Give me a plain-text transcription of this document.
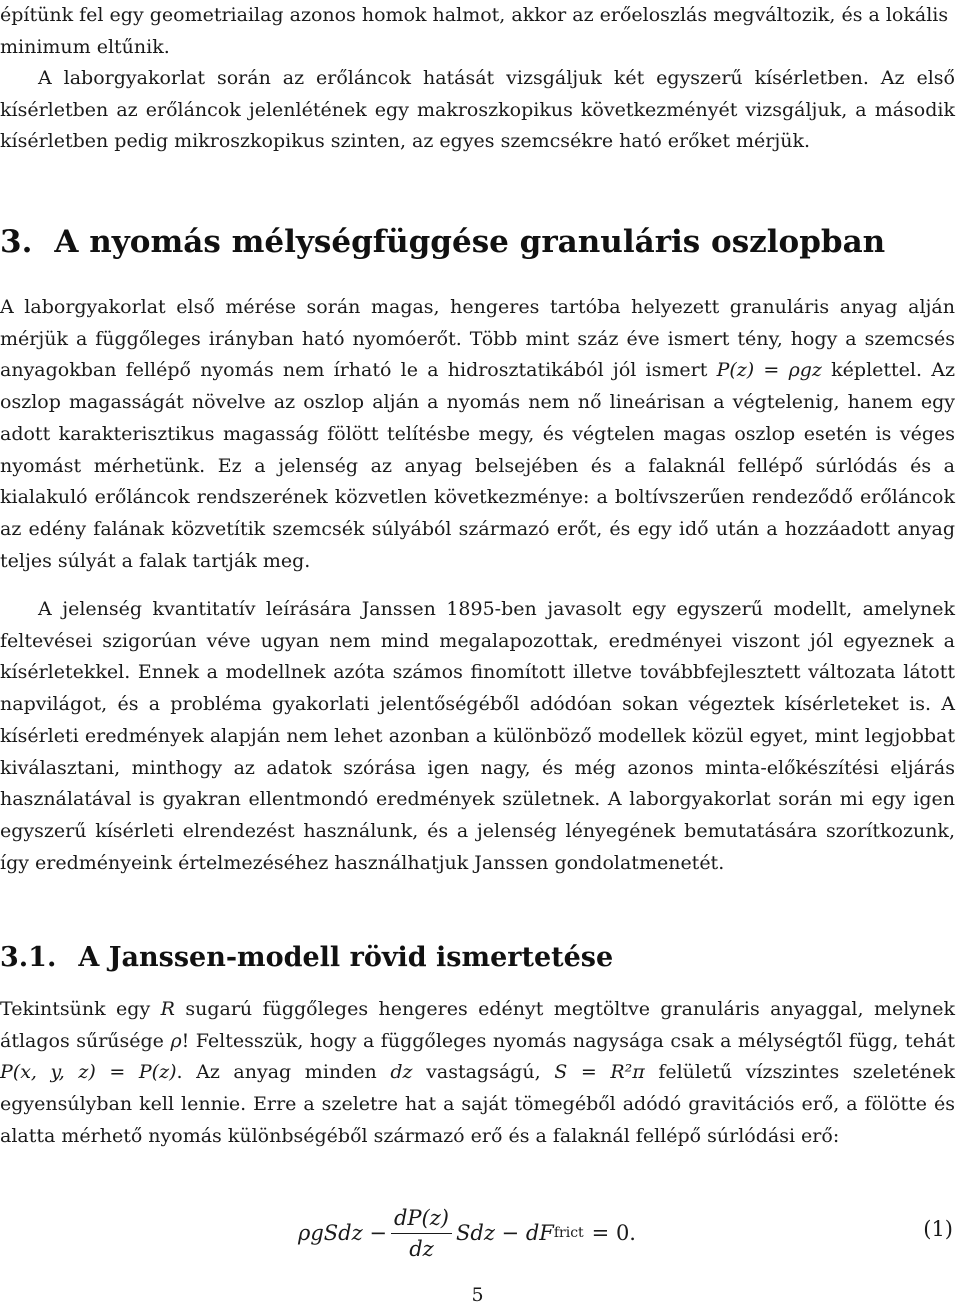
építünk fel egy geometriailag azonos homok halmot, akkor az erőeloszlás megváltozik, és a lokális minimum eltűnik.

A laborgyakorlat során az erőláncok hatását vizsgáljuk két egyszerű kísérletben. Az első kísérletben az erőláncok jelenlétének egy makroszkopikus következményét vizsgáljuk, a második kísérletben pedig mikroszkopikus szinten, az egyes szemcsékre ható erőket mérjük.

3. A nyomás mélységfüggése granuláris oszlopban

A laborgyakorlat első mérése során magas, hengeres tartóba helyezett granuláris anyag alján mérjük a függőleges irányban ható nyomóerőt. Több mint száz éve ismert tény, hogy a szemcsés anyagokban fellépő nyomás nem írható le a hidrosztatikából jól ismert P(z) = ρgz képlettel. Az oszlop magasságát növelve az oszlop alján a nyomás nem nő lineárisan a végtelenig, hanem egy adott karakterisztikus magasság fölött telítésbe megy, és végtelen magas oszlop esetén is véges nyomást mérhetünk. Ez a jelenség az anyag belsejében és a falaknál fellépő súrlódás és a kialakuló erőláncok rendszerének közvetlen következménye: a boltívszerűen rendeződő erőláncok az edény falának közvetítik szemcsék súlyából származó erőt, és egy idő után a hozzáadott anyag teljes súlyát a falak tartják meg.

A jelenség kvantitatív leírására Janssen 1895-ben javasolt egy egyszerű modellt, amelynek feltevései szigorúan véve ugyan nem mind megalapozottak, eredményei viszont jól egyeznek a kísérletekkel. Ennek a modellnek azóta számos finomított illetve továbbfejlesztett változata látott napvilágot, és a probléma gyakorlati jelentőségéből adódóan sokan végeztek kísérleteket is. A kísérleti eredmények alapján nem lehet azonban a különböző modellek közül egyet, mint legjobbat kiválasztani, minthogy az adatok szórása igen nagy, és még azonos minta-előkészítési eljárás használatával is gyakran ellentmondó eredmények születnek. A laborgyakorlat során mi egy igen egyszerű kísérleti elrendezést használunk, és a jelenség lényegének bemutatására szorítkozunk, így eredményeink értelmezéséhez használhatjuk Janssen gondolatmenetét.

3.1. A Janssen-modell rövid ismertetése

Tekintsünk egy R sugarú függőleges hengeres edényt megtöltve granuláris anyaggal, melynek átlagos sűrűsége ρ! Feltesszük, hogy a függőleges nyomás nagysága csak a mélységtől függ, tehát P(x, y, z) = P(z). Az anyag minden dz vastagságú, S = R²π felületű vízszintes szeletének egyensúlyban kell lennie. Erre a szeletre hat a saját tömegéből adódó gravitációs erő, a fölötte és alatta mérhető nyomás különbségéből származó erő és a falaknál fellépő súrlódási erő:

ρgSdz − $\frac{dP(z)}{dz}$ Sdz − dF frict = 0.	(1)
5
